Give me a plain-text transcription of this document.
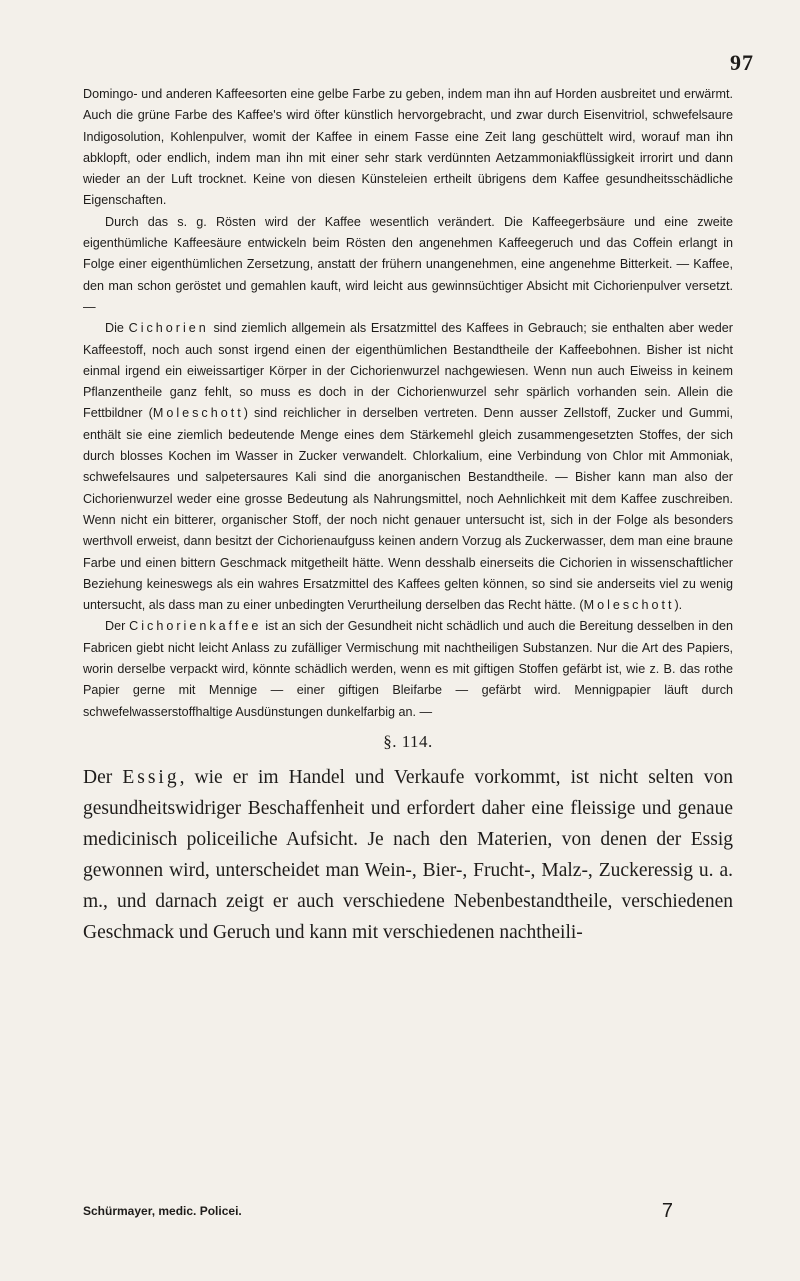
97

Domingo- und anderen Kaffeesorten eine gelbe Farbe zu geben, indem man ihn auf Horden ausbreitet und erwärmt. Auch die grüne Farbe des Kaffee's wird öfter künstlich hervorgebracht, und zwar durch Eisenvitriol, schwefelsaure Indigosolution, Kohlenpulver, womit der Kaffee in einem Fasse eine Zeit lang geschüttelt wird, worauf man ihn abklopft, oder endlich, indem man ihn mit einer sehr stark verdünnten Aetzammoniakflüssigkeit irrorirt und dann wieder an der Luft trocknet. Keine von diesen Künsteleien ertheilt übrigens dem Kaffee gesundheitsschädliche Eigenschaften.

Durch das s. g. Rösten wird der Kaffee wesentlich verändert. Die Kaffeegerbsäure und eine zweite eigenthümliche Kaffeesäure entwickeln beim Rösten den angenehmen Kaffeegeruch und das Coffein erlangt in Folge einer eigenthümlichen Zersetzung, anstatt der frühern unangenehmen, eine angenehme Bitterkeit. — Kaffee, den man schon geröstet und gemahlen kauft, wird leicht aus gewinnsüchtiger Absicht mit Cichorienpulver versetzt. —

Die Cichorien sind ziemlich allgemein als Ersatzmittel des Kaffees in Gebrauch; sie enthalten aber weder Kaffeestoff, noch auch sonst irgend einen der eigenthümlichen Bestandtheile der Kaffeebohnen. Bisher ist nicht einmal irgend ein eiweissartiger Körper in der Cichorienwurzel nachgewiesen. Wenn nun auch Eiweiss in keinem Pflanzentheile ganz fehlt, so muss es doch in der Cichorienwurzel sehr spärlich vorhanden sein. Allein die Fettbildner (Moleschott) sind reichlicher in derselben vertreten. Denn ausser Zellstoff, Zucker und Gummi, enthält sie eine ziemlich bedeutende Menge eines dem Stärkemehl gleich zusammengesetzten Stoffes, der sich durch blosses Kochen im Wasser in Zucker verwandelt. Chlorkalium, eine Verbindung von Chlor mit Ammoniak, schwefelsaures und salpetersaures Kali sind die anorganischen Bestandtheile. — Bisher kann man also der Cichorienwurzel weder eine grosse Bedeutung als Nahrungsmittel, noch Aehnlichkeit mit dem Kaffee zuschreiben. Wenn nicht ein bitterer, organischer Stoff, der noch nicht genauer untersucht ist, sich in der Folge als besonders werthvoll erweist, dann besitzt der Cichorienaufguss keinen andern Vorzug als Zuckerwasser, dem man eine braune Farbe und einen bittern Geschmack mitgetheilt hätte. Wenn desshalb einerseits die Cichorien in wissenschaftlicher Beziehung keineswegs als ein wahres Ersatzmittel des Kaffees gelten können, so sind sie anderseits viel zu wenig untersucht, als dass man zu einer unbedingten Verurtheilung derselben das Recht hätte. (Moleschott).

Der Cichorienkaffee ist an sich der Gesundheit nicht schädlich und auch die Bereitung desselben in den Fabricen giebt nicht leicht Anlass zu zufälliger Vermischung mit nachtheiligen Substanzen. Nur die Art des Papiers, worin derselbe verpackt wird, könnte schädlich werden, wenn es mit giftigen Stoffen gefärbt ist, wie z. B. das rothe Papier gerne mit Mennige — einer giftigen Bleifarbe — gefärbt wird. Mennigpapier läuft durch schwefelwasserstoffhaltige Ausdünstungen dunkelfarbig an. —

§. 114.

Der Essig, wie er im Handel und Verkaufe vorkommt, ist nicht selten von gesundheitswidriger Beschaffenheit und erfordert daher eine fleissige und genaue medicinisch policeiliche Aufsicht. Je nach den Materien, von denen der Essig gewonnen wird, unterscheidet man Wein-, Bier-, Frucht-, Malz-, Zuckeressig u. a. m., und darnach zeigt er auch verschiedene Nebenbestandtheile, verschiedenen Geschmack und Geruch und kann mit verschiedenen nachtheili-

Schürmayer, medic. Policei.	7
